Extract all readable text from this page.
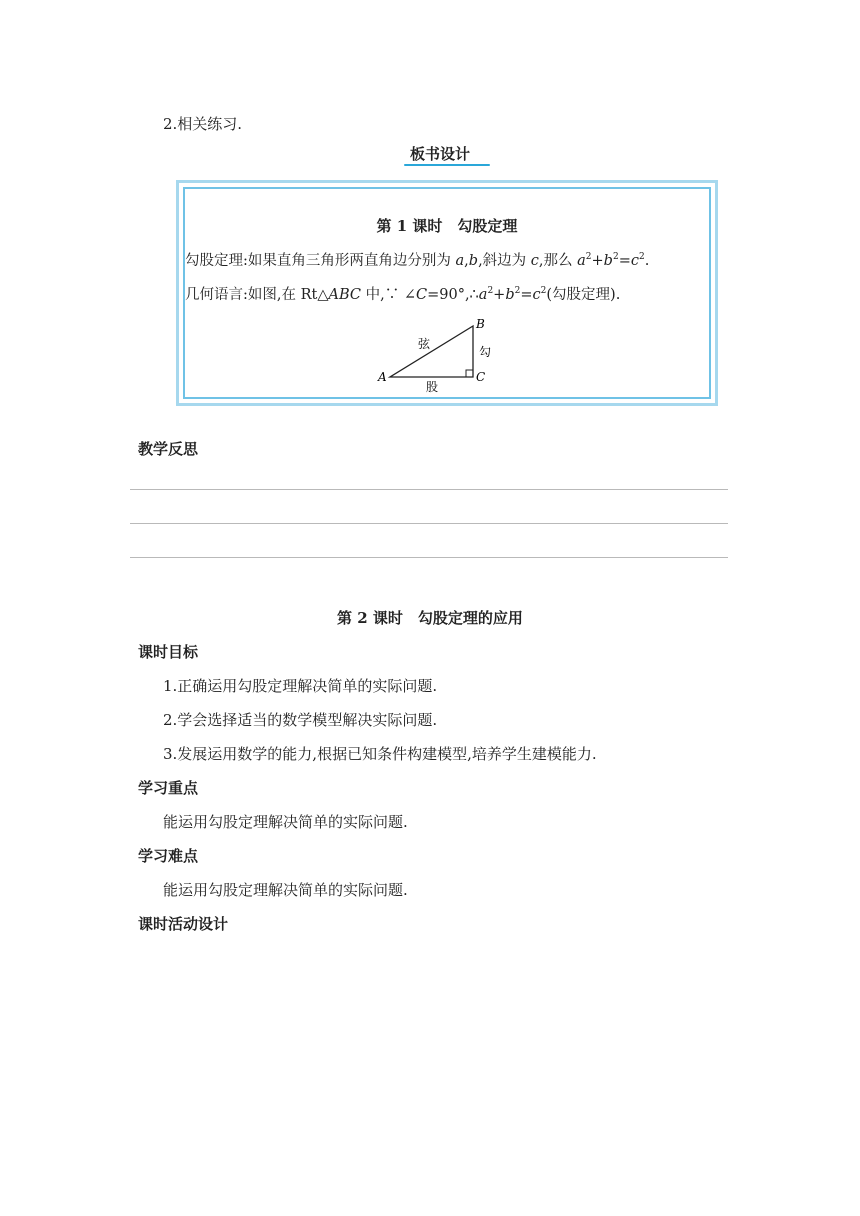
2.相关练习.
板书设计
第 1 课时　勾股定理
勾股定理:如果直角三角形两直角边分别为 a,b,斜边为 c,那么 $a^2+b^2=c^2$.
几何语言:如图,在 Rt△ABC 中,∵ $\angle C=90^\circ,\therefore a^2+b^2=c^2$(勾股定理).
A
B
C
弦
勾
股
教学反思
第 2 课时　勾股定理的应用
课时目标
1.正确运用勾股定理解决简单的实际问题.
2.学会选择适当的数学模型解决实际问题.
3.发展运用数学的能力,根据已知条件构建模型,培养学生建模能力.
学习重点
能运用勾股定理解决简单的实际问题.
学习难点
能运用勾股定理解决简单的实际问题.
课时活动设计
